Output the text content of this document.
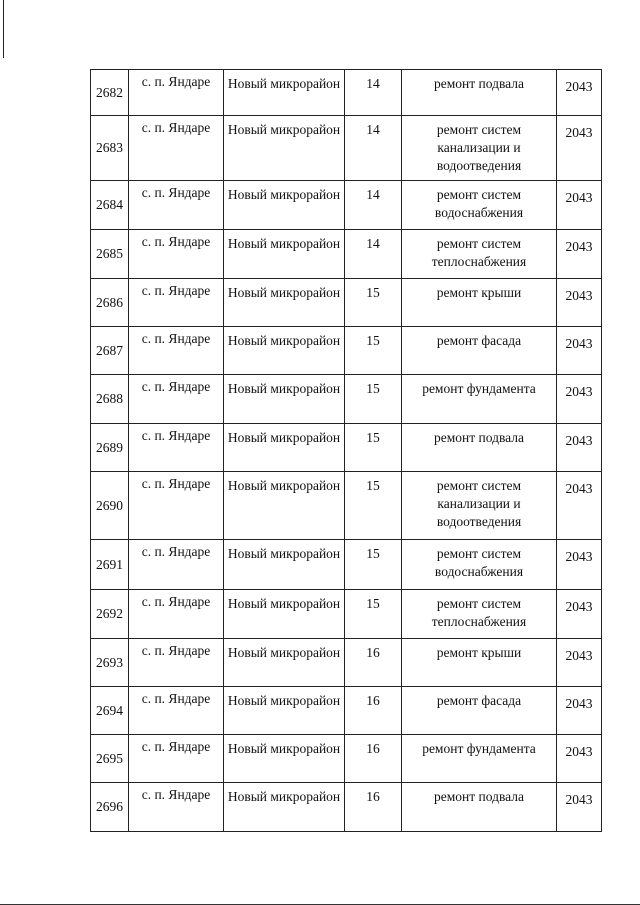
2682	с. п. Яндаре	Новый микрорайон	14	ремонт подвала	2043
2683	с. п. Яндаре	Новый микрорайон	14	ремонт систем канализации и водоотведения	2043
2684	с. п. Яндаре	Новый микрорайон	14	ремонт систем водоснабжения	2043
2685	с. п. Яндаре	Новый микрорайон	14	ремонт систем теплоснабжения	2043
2686	с. п. Яндаре	Новый микрорайон	15	ремонт крыши	2043
2687	с. п. Яндаре	Новый микрорайон	15	ремонт фасада	2043
2688	с. п. Яндаре	Новый микрорайон	15	ремонт фундамента	2043
2689	с. п. Яндаре	Новый микрорайон	15	ремонт подвала	2043
2690	с. п. Яндаре	Новый микрорайон	15	ремонт систем канализации и водоотведения	2043
2691	с. п. Яндаре	Новый микрорайон	15	ремонт систем водоснабжения	2043
2692	с. п. Яндаре	Новый микрорайон	15	ремонт систем теплоснабжения	2043
2693	с. п. Яндаре	Новый микрорайон	16	ремонт крыши	2043
2694	с. п. Яндаре	Новый микрорайон	16	ремонт фасада	2043
2695	с. п. Яндаре	Новый микрорайон	16	ремонт фундамента	2043
2696	с. п. Яндаре	Новый микрорайон	16	ремонт подвала	2043
